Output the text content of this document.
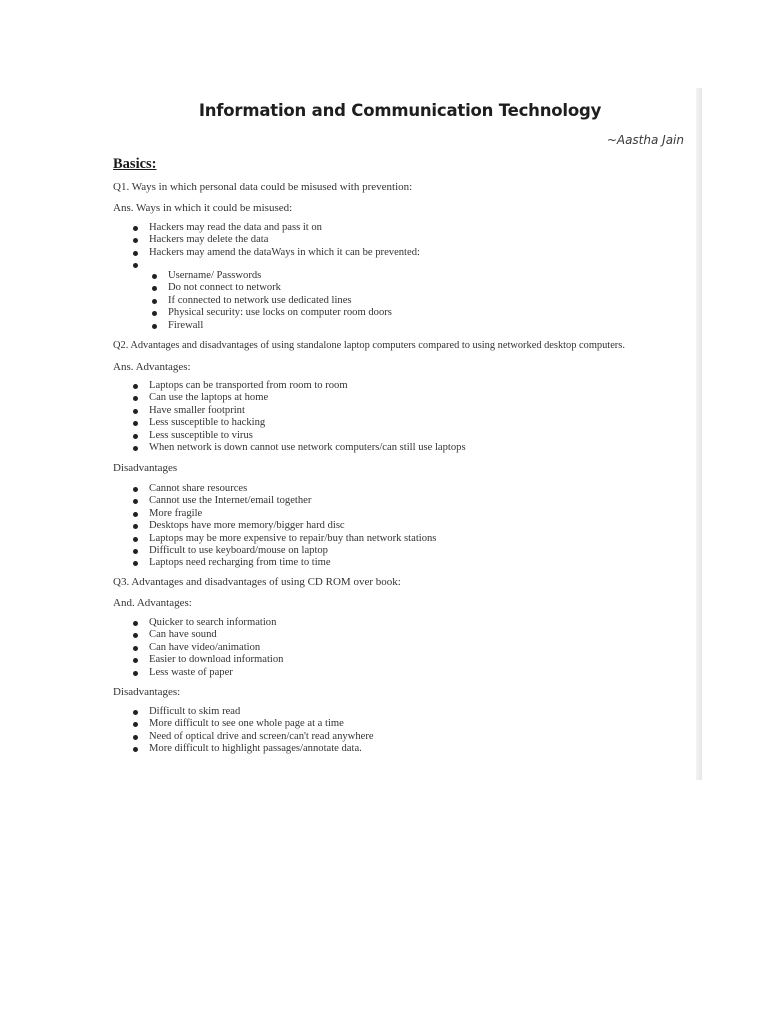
Information and Communication Technology
~Aastha Jain
Basics:
Q1. Ways in which personal data could be misused with prevention:
Ans. Ways in which it could be misused:
Hackers may read the data and pass it on
Hackers may delete the data
Hackers may amend the dataWays in which it can be prevented:
Username/ Passwords
Do not connect to network
If connected to network use dedicated lines
Physical security: use locks on computer room doors
Firewall
Q2. Advantages and disadvantages of using standalone laptop computers compared to using networked desktop computers.
Ans. Advantages:
Laptops can be transported from room to room
Can use the laptops at home
Have smaller footprint
Less susceptible to hacking
Less susceptible to virus
When network is down cannot use network computers/can still use laptops
Disadvantages
Cannot share resources
Cannot use the Internet/email together
More fragile
Desktops have more memory/bigger hard disc
Laptops may be more expensive to repair/buy than network stations
Difficult to use keyboard/mouse on laptop
Laptops need recharging from time to time
Q3. Advantages and disadvantages of using CD ROM over book:
And. Advantages:
Quicker to search information
Can have sound
Can have video/animation
Easier to download information
Less waste of paper
Disadvantages:
Difficult to skim read
More difficult to see one whole page at a time
Need of optical drive and screen/can't read anywhere
More difficult to highlight passages/annotate data.
